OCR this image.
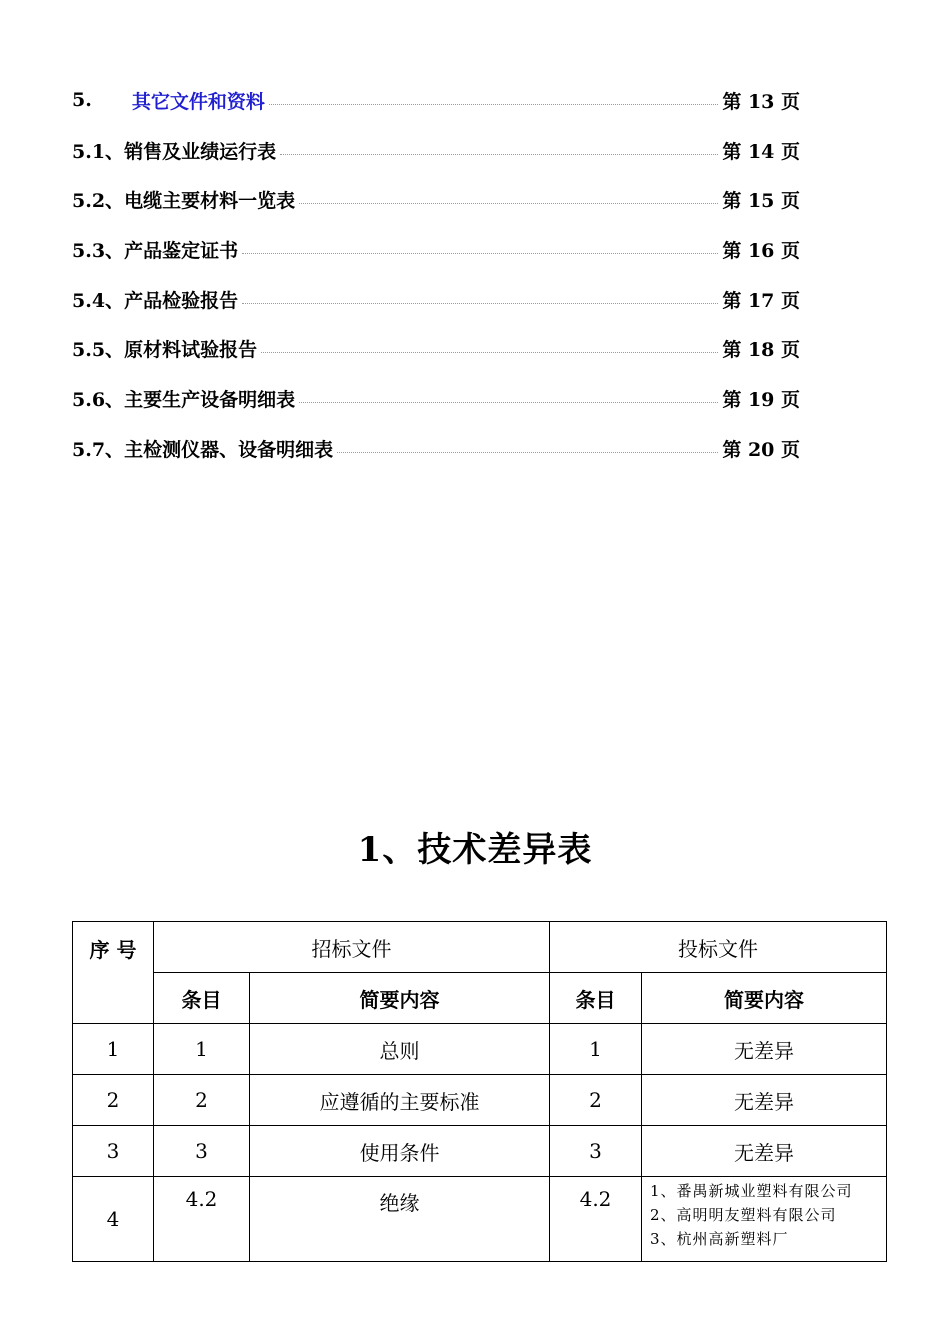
5. 其它文件和资料	第 13 页
5.1、 销售及业绩运行表	第 14 页
5.2、 电缆主要材料一览表	第 15 页
5.3、 产品鉴定证书	第 16 页
5.4、 产品检验报告	第 17 页
5.5、 原材料试验报告	第 18 页
5.6、 主要生产设备明细表	第 19 页
5.7、 主检测仪器、设备明细表	第 20 页
1、技术差异表
序 号	招标文件		投标文件	
	条目	简要内容	条目	简要内容
1	1	总则	1	无差异
2	2	应遵循的主要标准	2	无差异
3	3	使用条件	3	无差异
4	4.2	绝缘	4.2	1、番禺新城业塑料有限公司
2、高明明友塑料有限公司
3、杭州高新塑料厂
